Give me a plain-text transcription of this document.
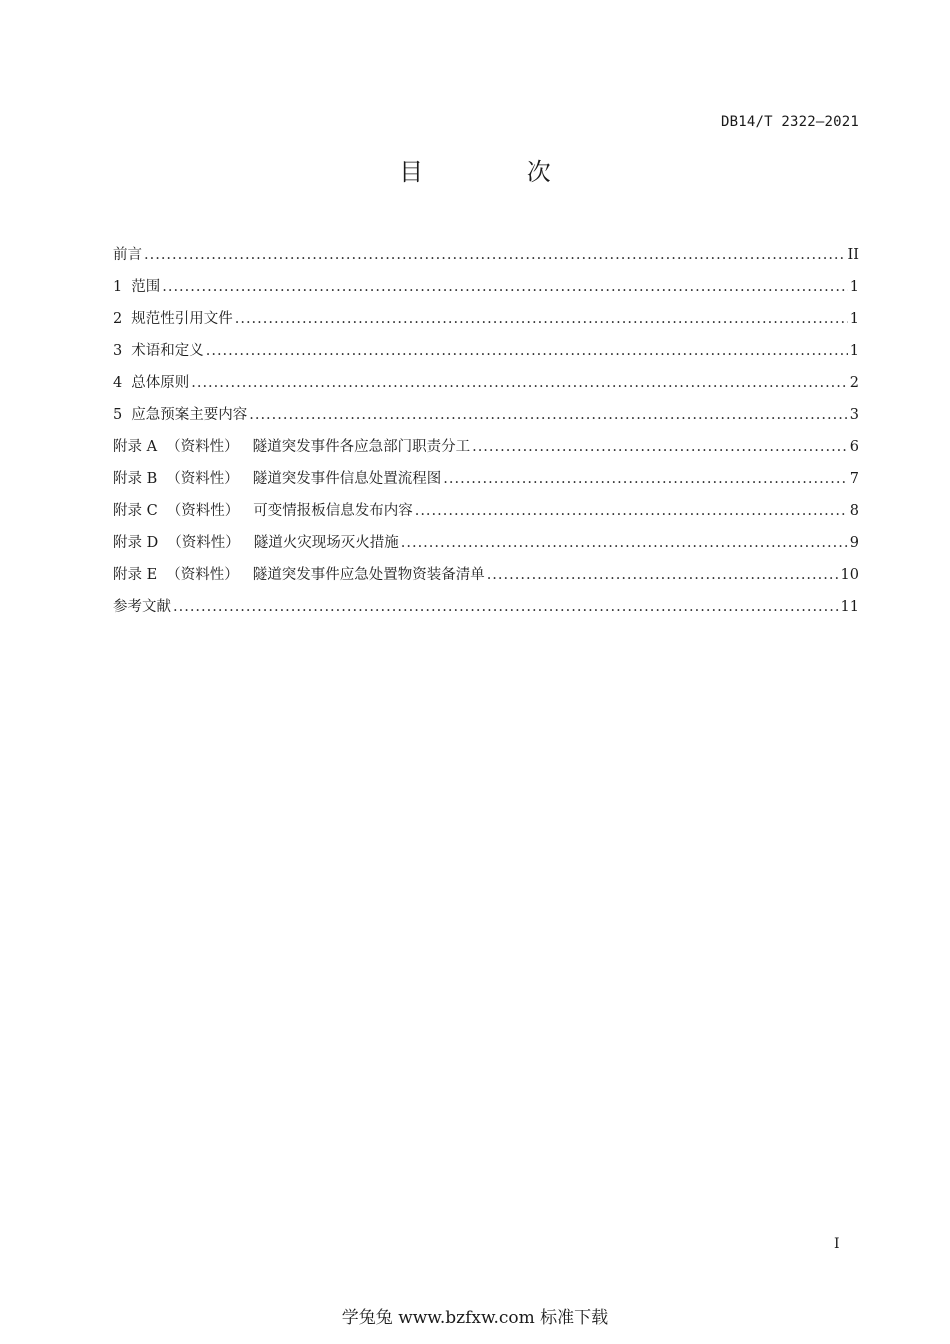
DB14/T 2322—2021
目 次
前言 .....	II
1 范围 .....	1
2 规范性引用文件 .....	1
3 术语和定义 .....	1
4 总体原则 .....	2
5 应急预案主要内容 .....	3
附录 A （资料性） 隧道突发事件各应急部门职责分工 .....	6
附录 B （资料性） 隧道突发事件信息处置流程图 .....	7
附录 C （资料性） 可变情报板信息发布内容 .....	8
附录 D （资料性） 隧道火灾现场灭火措施 .....	9
附录 E （资料性） 隧道突发事件应急处置物资装备清单 .....	10
参考文献 .....	11
I
学兔兔 www.bzfxw.com 标准下载
